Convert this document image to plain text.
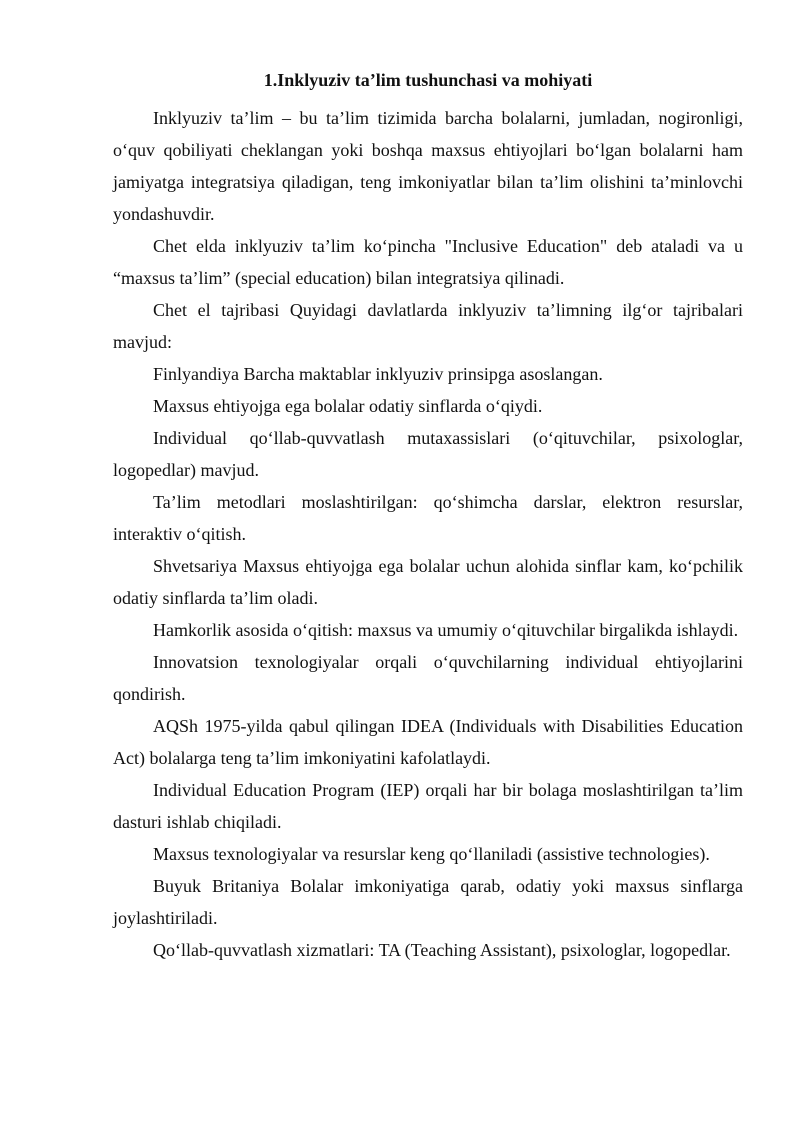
1.Inklyuziv ta’lim tushunchasi va mohiyati

Inklyuziv ta’lim – bu ta’lim tizimida barcha bolalarni, jumladan, nogironligi, o‘quv qobiliyati cheklangan yoki boshqa maxsus ehtiyojlari bo‘lgan bolalarni ham jamiyatga integratsiya qiladigan, teng imkoniyatlar bilan ta’lim olishini ta’minlovchi yondashuvdir.

Chet elda inklyuziv ta’lim ko‘pincha "Inclusive Education" deb ataladi va u “maxsus ta’lim” (special education) bilan integratsiya qilinadi.

Chet el tajribasi Quyidagi davlatlarda inklyuziv ta’limning ilg‘or tajribalari mavjud:

Finlyandiya Barcha maktablar inklyuziv prinsipga asoslangan.

Maxsus ehtiyojga ega bolalar odatiy sinflarda o‘qiydi.

Individual qo‘llab-quvvatlash mutaxassislari (o‘qituvchilar, psixologlar, logopedlar) mavjud.

Ta’lim metodlari moslashtirilgan: qo‘shimcha darslar, elektron resurslar, interaktiv o‘qitish.

Shvetsariya Maxsus ehtiyojga ega bolalar uchun alohida sinflar kam, ko‘pchilik odatiy sinflarda ta’lim oladi.

Hamkorlik asosida o‘qitish: maxsus va umumiy o‘qituvchilar birgalikda ishlaydi.

Innovatsion texnologiyalar orqali o‘quvchilarning individual ehtiyojlarini qondirish.

AQSh 1975-yilda qabul qilingan IDEA (Individuals with Disabilities Education Act) bolalarga teng ta’lim imkoniyatini kafolatlaydi.

Individual Education Program (IEP) orqali har bir bolaga moslashtirilgan ta’lim dasturi ishlab chiqiladi.

Maxsus texnologiyalar va resurslar keng qo‘llaniladi (assistive technologies).

Buyuk Britaniya Bolalar imkoniyatiga qarab, odatiy yoki maxsus sinflarga joylashtiriladi.

Qo‘llab-quvvatlash xizmatlari: TA (Teaching Assistant), psixologlar, logopedlar.
